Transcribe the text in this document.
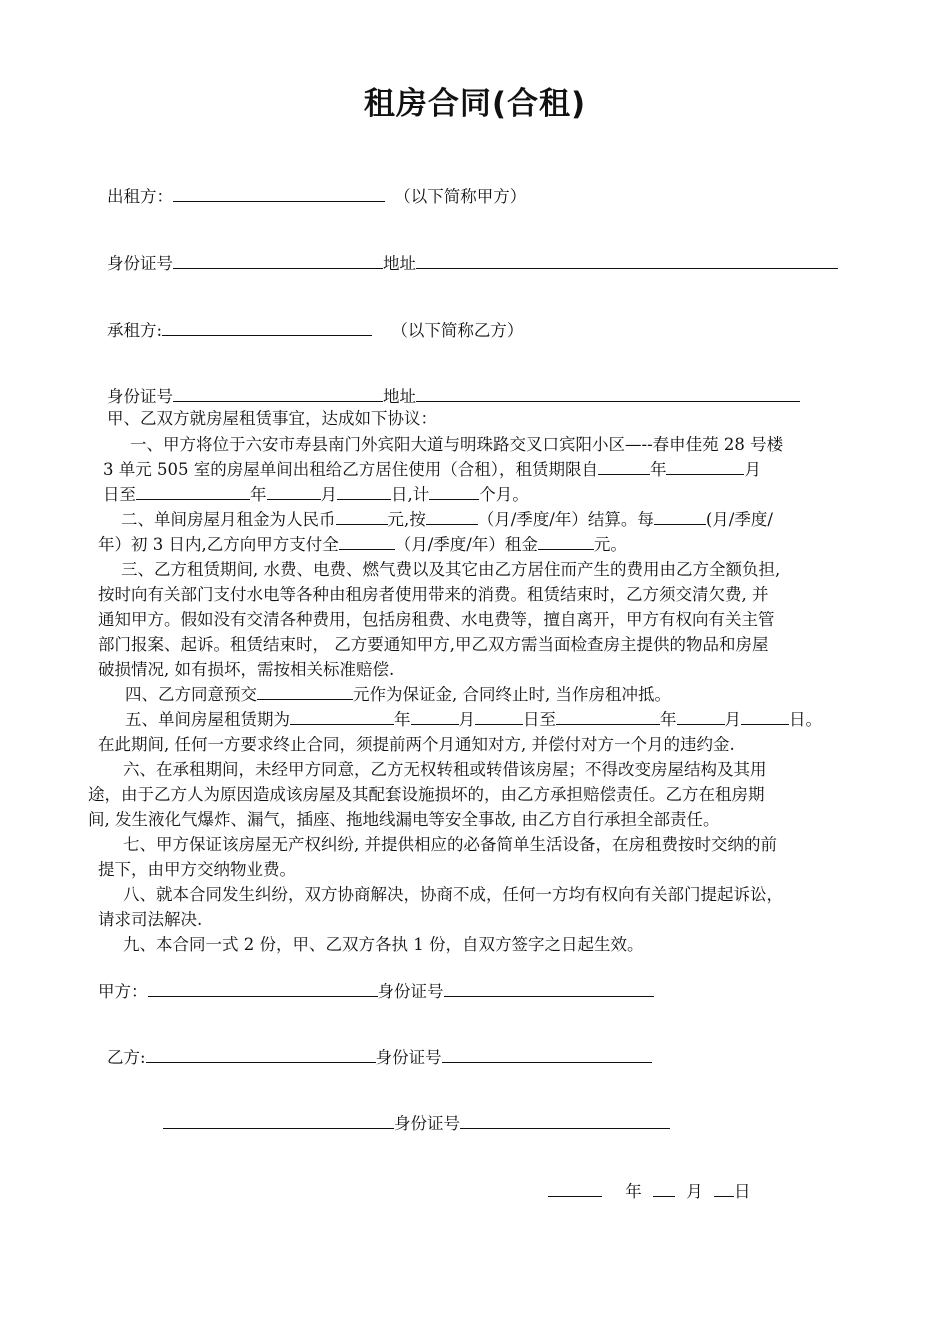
租房合同(合租)
出租方：	（以下简称甲方）
身份证号	地址
承租方:	（以下简称乙方）
身份证号	地址
甲、乙双方就房屋租赁事宜，达成如下协议：
一、甲方将位于六安市寿县南门外宾阳大道与明珠路交叉口宾阳小区—--春申佳苑 28 号楼
3 单元 505 室的房屋单间出租给乙方居住使用（合租），租赁期限自	年	月
日至	年	月	日,计	个月。
二、单间房屋月租金为人民币	元,按	（月/季度/年）结算。每	(月/季度/
年）初 3 日内,乙方向甲方支付全	（月/季度/年）租金	元。
三、乙方租赁期间, 水费、电费、燃气费以及其它由乙方居住而产生的费用由乙方全额负担,
按时向有关部门支付水电等各种由租房者使用带来的消费。租赁结束时，乙方须交清欠费, 并
通知甲方。假如没有交清各种费用，包括房租费、水电费等，擅自离开，甲方有权向有关主管
部门报案、起诉。租赁结束时， 乙方要通知甲方,甲乙双方需当面检查房主提供的物品和房屋
破损情况, 如有损坏，需按相关标准赔偿.
四、乙方同意预交	元作为保证金, 合同终止时, 当作房租冲抵。
五、单间房屋租赁期为	年	月	日至	年	月	日。
在此期间, 任何一方要求终止合同，须提前两个月通知对方, 并偿付对方一个月的违约金.
六、在承租期间，未经甲方同意，乙方无权转租或转借该房屋；不得改变房屋结构及其用
途，由于乙方人为原因造成该房屋及其配套设施损坏的，由乙方承担赔偿责任。乙方在租房期
间, 发生液化气爆炸、漏气，插座、拖地线漏电等安全事故, 由乙方自行承担全部责任。
七、甲方保证该房屋无产权纠纷, 并提供相应的必备简单生活设备，在房租费按时交纳的前
提下，由甲方交纳物业费。
八、就本合同发生纠纷，双方协商解决，协商不成，任何一方均有权向有关部门提起诉讼，
请求司法解决.
九、本合同一式 2 份，甲、乙双方各执 1 份，自双方签字之日起生效。
甲方：	身份证号
乙方:	身份证号
身份证号
年	月 日
